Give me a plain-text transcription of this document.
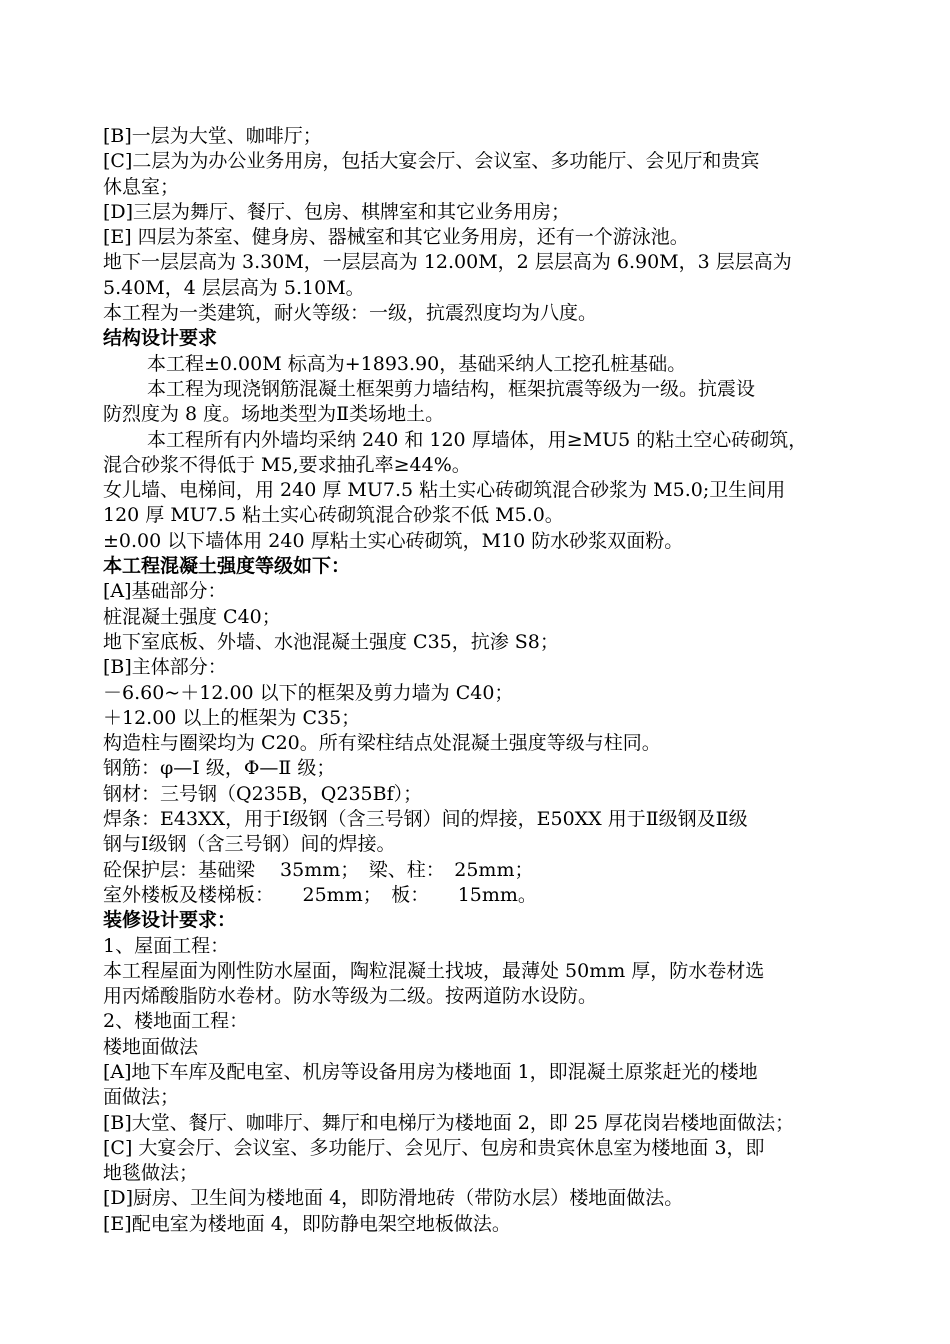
[B]一层为大堂、咖啡厅；
[C]二层为为办公业务用房，包括大宴会厅、会议室、多功能厅、会见厅和贵宾
休息室；
[D]三层为舞厅、餐厅、包房、棋牌室和其它业务用房；
[E] 四层为茶室、健身房、器械室和其它业务用房，还有一个游泳池。
地下一层层高为 3.30M，一层层高为 12.00M，2 层层高为 6.90M，3 层层高为
5.40M，4 层层高为 5.10M。
本工程为一类建筑，耐火等级：一级，抗震烈度均为八度。
结构设计要求
本工程±0.00M 标高为+1893.90，基础采纳人工挖孔桩基础。
本工程为现浇钢筋混凝土框架剪力墙结构，框架抗震等级为一级。抗震设
防烈度为 8 度。场地类型为Ⅱ类场地土。
本工程所有内外墙均采纳 240 和 120 厚墙体，用≥MU5 的粘土空心砖砌筑，
混合砂浆不得低于 M5,要求抽孔率≥44%。
女儿墙、电梯间，用 240 厚 MU7.5 粘土实心砖砌筑混合砂浆为 M5.0;卫生间用
120 厚 MU7.5 粘土实心砖砌筑混合砂浆不低 M5.0。
±0.00 以下墙体用 240 厚粘土实心砖砌筑，M10 防水砂浆双面粉。
本工程混凝土强度等级如下：
[A]基础部分：
桩混凝土强度 C40；
地下室底板、外墙、水池混凝土强度 C35，抗渗 S8；
[B]主体部分：
－6.60~＋12.00 以下的框架及剪力墙为 C40；
＋12.00 以上的框架为 C35；
构造柱与圈梁均为 C20。所有梁柱结点处混凝土强度等级与柱同。
钢筋：φ—Ⅰ 级，Φ—Ⅱ 级；
钢材：三号钢（Q235B，Q235Bf）；
焊条：E43XX，用于Ⅰ级钢（含三号钢）间的焊接，E50XX 用于Ⅱ级钢及Ⅱ级
钢与Ⅰ级钢（含三号钢）间的焊接。
砼保护层：基础梁　 35mm；　梁、柱：　25mm；
室外楼板及楼梯板：　　25mm；　板：　　15mm。
装修设计要求：
1、屋面工程：
本工程屋面为刚性防水屋面，陶粒混凝土找坡，最薄处 50mm 厚，防水卷材选
用丙烯酸脂防水卷材。防水等级为二级。按两道防水设防。
2、楼地面工程：
楼地面做法
[A]地下车库及配电室、机房等设备用房为楼地面 1，即混凝土原浆赶光的楼地
面做法；
[B]大堂、餐厅、咖啡厅、舞厅和电梯厅为楼地面 2，即 25 厚花岗岩楼地面做法；
[C] 大宴会厅、会议室、多功能厅、会见厅、包房和贵宾休息室为楼地面 3，即
地毯做法；
[D]厨房、卫生间为楼地面 4，即防滑地砖（带防水层）楼地面做法。
[E]配电室为楼地面 4，即防静电架空地板做法。
